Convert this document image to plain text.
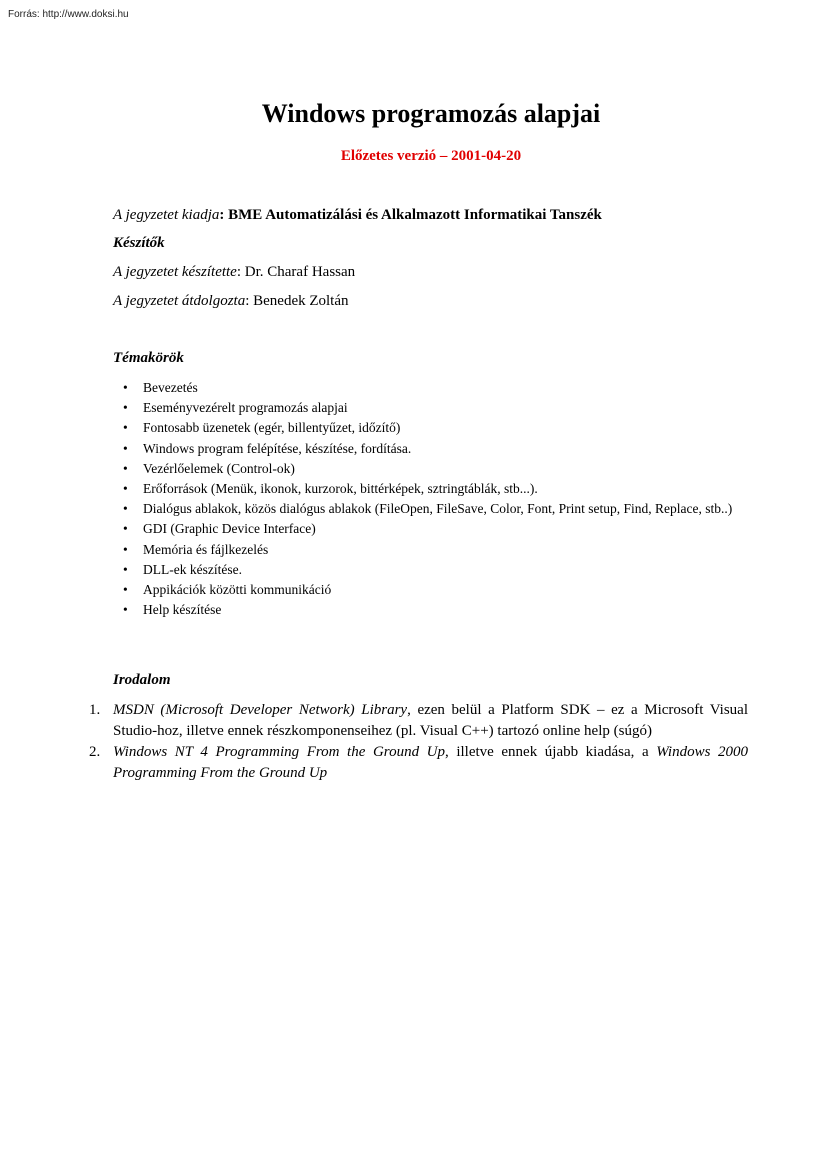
Forrás: http://www.doksi.hu
Windows programozás alapjai
Előzetes verzió – 2001-04-20
A jegyzetet kiadja: BME Automatizálási és Alkalmazott Informatikai Tanszék
Készítők
A jegyzetet készítette: Dr. Charaf Hassan
A jegyzetet átdolgozta: Benedek Zoltán
Témakörök
• Bevezetés
• Eseményvezérelt programozás alapjai
• Fontosabb üzenetek (egér, billentyűzet, időzítő)
• Windows program felépítése, készítése, fordítása.
• Vezérlőelemek (Control-ok)
• Erőforrások (Menük, ikonok, kurzorok, bittérképek, sztringtáblák, stb...).
• Dialógus ablakok, közös dialógus ablakok (FileOpen, FileSave, Color, Font, Print setup, Find, Replace, stb..)
• GDI (Graphic Device Interface)
• Memória és fájlkezelés
• DLL-ek készítése.
• Appikációk közötti kommunikáció
• Help készítése
Irodalom
1. MSDN (Microsoft Developer Network) Library, ezen belül a Platform SDK – ez a Microsoft Visual Studio-hoz, illetve ennek részkomponenseihez (pl. Visual C++) tartozó online help (súgó)
2. Windows NT 4 Programming From the Ground Up, illetve ennek újabb kiadása, a Windows 2000 Programming From the Ground Up
